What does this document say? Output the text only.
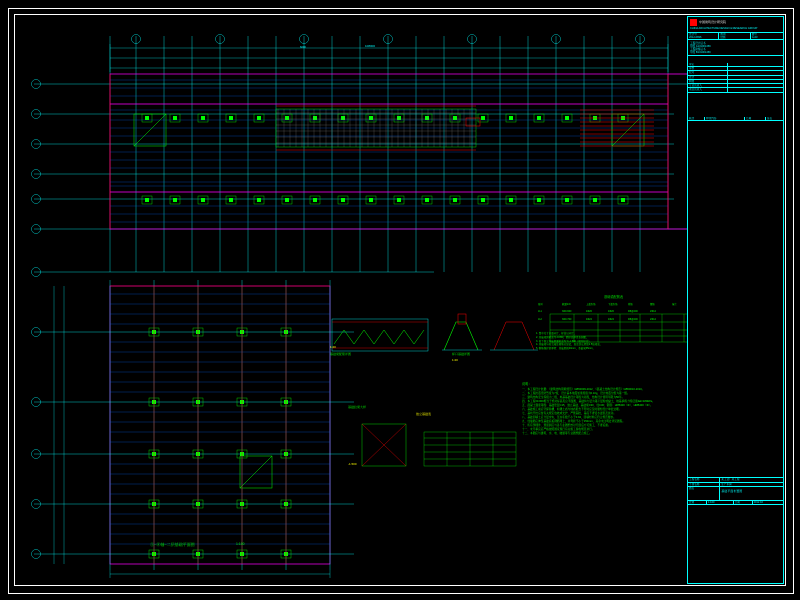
108000
6000
⑤~⑧轴~二层基础平面图	1:100
基础梁配筋详图
1:20
杯口基础详图
1:20
基础拉梁大样
独立基础表
-1.500
基础梁配筋表
编号	截面b×h	上部纵筋	下部纵筋	箍筋	腰筋	备注
JL1	300×600	4Φ20	4Φ20	Φ8@200	2Φ12
JL2	300×700	4Φ22	4Φ22	Φ8@200	2Φ12
1. 图中尺寸以毫米计，标高以米计。
2. 基础梁顶标高为-0.050，底标高详见各剖面。
3. 柱下独立基础底面标高均为-1.500（相对标高）。
4. 基础梁与柱交接处箍筋应加密，加密区长度取1.5倍梁高。
5. 钢筋保护层厚度：基础底板40mm，基础梁35mm。
说明：
一、本工程设计依据：《建筑结构荷载规范》GB50009-2012、《混凝土结构设计规范》GB50010-2010。
二、本工程抗震设防烈度为7度，设计基本地震加速度值为0.10g，设计地震分组为第一组。
三、建筑结构安全等级为二级，地基基础设计等级为丙级，结构设计使用年限为50年。
四、本工程±0.000相当于绝对标高见总平面图，基础持力层为第②层粉质黏土，地基承载力特征值fak=180kPa。
五、混凝土强度等级：基础垫层C15，独立基础、基础梁C30，柱C30；钢筋：HPB300（Φ）、HRB400（Φ）。
六、基础施工前应钎探验槽，如遇土质与地质报告不符时应及时通知设计单位处理。
七、基坑开挖应按有关规定放坡或支护，严禁超挖，基底不得受水浸泡及扰动。
八、基础回填土应分层夯实，压实系数不小于0.94，回填材料应符合规范要求。
九、柱插筋应伸至基础底板钢筋网上，并弯折不小于150mm，其余未注明处详见图集。
十、所有预埋件、预留洞应与各专业图纸核对无误后方可施工，不得后凿。
十一、未尽事宜应严格按照国家现行有关施工验收规范执行。
十二、本图应与建筑、水、电、暖通等专业图纸配合施工。
中国建筑设计研究院
CHINA ARCHITECTURE DESIGN & RESEARCH GROUP
设计号	图别	图号
2012-0836	结施	G-03
工程设计证书
甲级 A131001459
工程勘察证书
甲级 B131001459
审定
审核
校对
设计
制图
专业负责人
项目负责人
版次	修改内容	日期	签名
工程名称	某工业厂房工程
子项名称	生产车间
图名
基础平面布置图
比例	1:100	日期	2012.10
